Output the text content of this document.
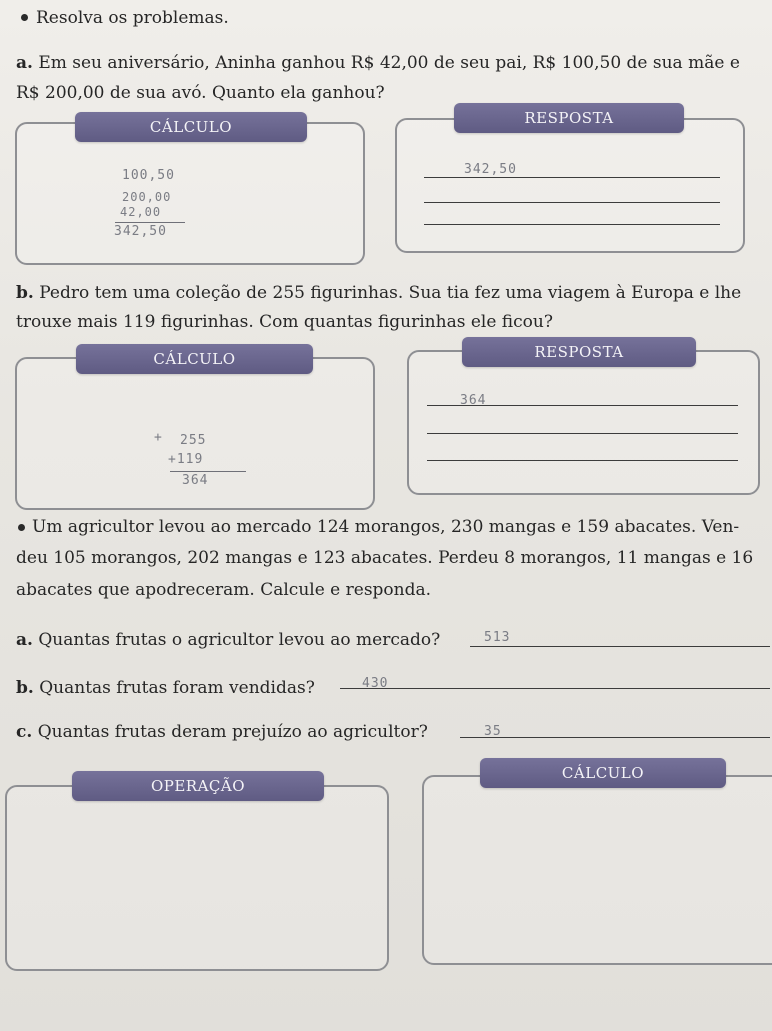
Resolva os problemas.
a. Em seu aniversário, Aninha ganhou R$ 42,00 de seu pai, R$ 100,50 de sua mãe e
R$ 200,00 de sua avó. Quanto ela ganhou?
CÁLCULO
100,50
200,00
42,00
342,50
RESPOSTA
342,50
b. Pedro tem uma coleção de 255 figurinhas. Sua tia fez uma viagem à Europa e lhe
trouxe mais 119 figurinhas. Com quantas figurinhas ele ficou?
CÁLCULO
+ 255
+119
364
RESPOSTA
364
Um agricultor levou ao mercado 124 morangos, 230 mangas e 159 abacates. Ven-
deu 105 morangos, 202 mangas e 123 abacates. Perdeu 8 morangos, 11 mangas e 16
abacates que apodreceram. Calcule e responda.
a. Quantas frutas o agricultor levou ao mercado?	513
b. Quantas frutas foram vendidas?	430
c. Quantas frutas deram prejuízo ao agricultor?	35
OPERAÇÃO
CÁLCULO
